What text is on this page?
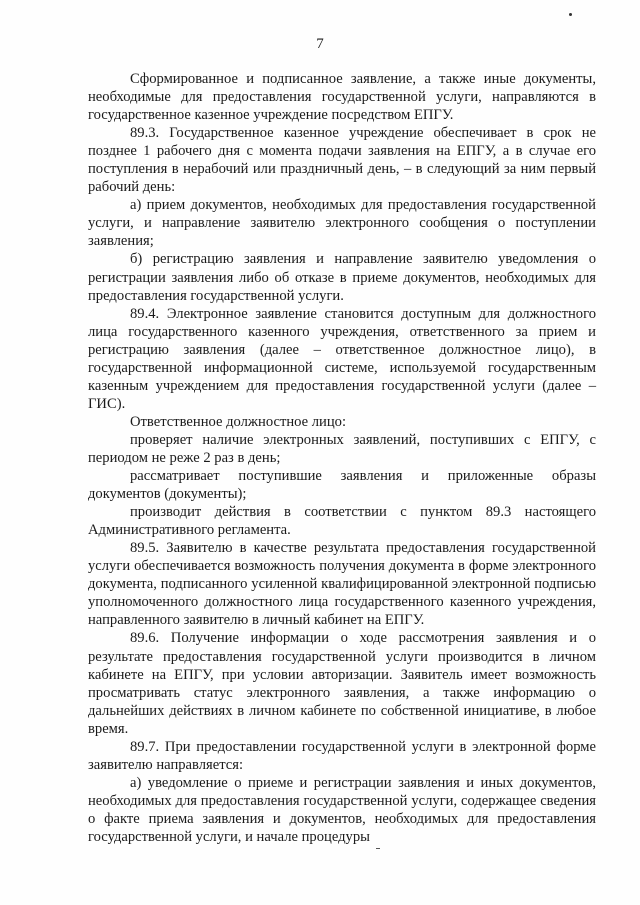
7

Сформированное и подписанное заявление, а также иные документы, необходимые для предоставления государственной услуги, направляются в государственное казенное учреждение посредством ЕПГУ.

89.3. Государственное казенное учреждение обеспечивает в срок не позднее 1 рабочего дня с момента подачи заявления на ЕПГУ, а в случае его поступления в нерабочий или праздничный день, – в следующий за ним первый рабочий день:

а) прием документов, необходимых для предоставления государственной услуги, и направление заявителю электронного сообщения о поступлении заявления;

б) регистрацию заявления и направление заявителю уведомления о регистрации заявления либо об отказе в приеме документов, необходимых для предоставления государственной услуги.

89.4. Электронное заявление становится доступным для должностного лица государственного казенного учреждения, ответственного за прием и регистрацию заявления (далее – ответственное должностное лицо), в государственной информационной системе, используемой государственным казенным учреждением для предоставления государственной услуги (далее – ГИС).

Ответственное должностное лицо:

проверяет наличие электронных заявлений, поступивших с ЕПГУ, с периодом не реже 2 раз в день;

рассматривает поступившие заявления и приложенные образы документов (документы);

производит действия в соответствии с пунктом 89.3 настоящего Административного регламента.

89.5. Заявителю в качестве результата предоставления государственной услуги обеспечивается возможность получения документа в форме электронного документа, подписанного усиленной квалифицированной электронной подписью уполномоченного должностного лица государственного казенного учреждения, направленного заявителю в личный кабинет на ЕПГУ.

89.6. Получение информации о ходе рассмотрения заявления и о результате предоставления государственной услуги производится в личном кабинете на ЕПГУ, при условии авторизации. Заявитель имеет возможность просматривать статус электронного заявления, а также информацию о дальнейших действиях в личном кабинете по собственной инициативе, в любое время.

89.7. При предоставлении государственной услуги в электронной форме заявителю направляется:

а) уведомление о приеме и регистрации заявления и иных документов, необходимых для предоставления государственной услуги, содержащее сведения о факте приема заявления и документов, необходимых для предоставления государственной услуги, и начале процедуры
